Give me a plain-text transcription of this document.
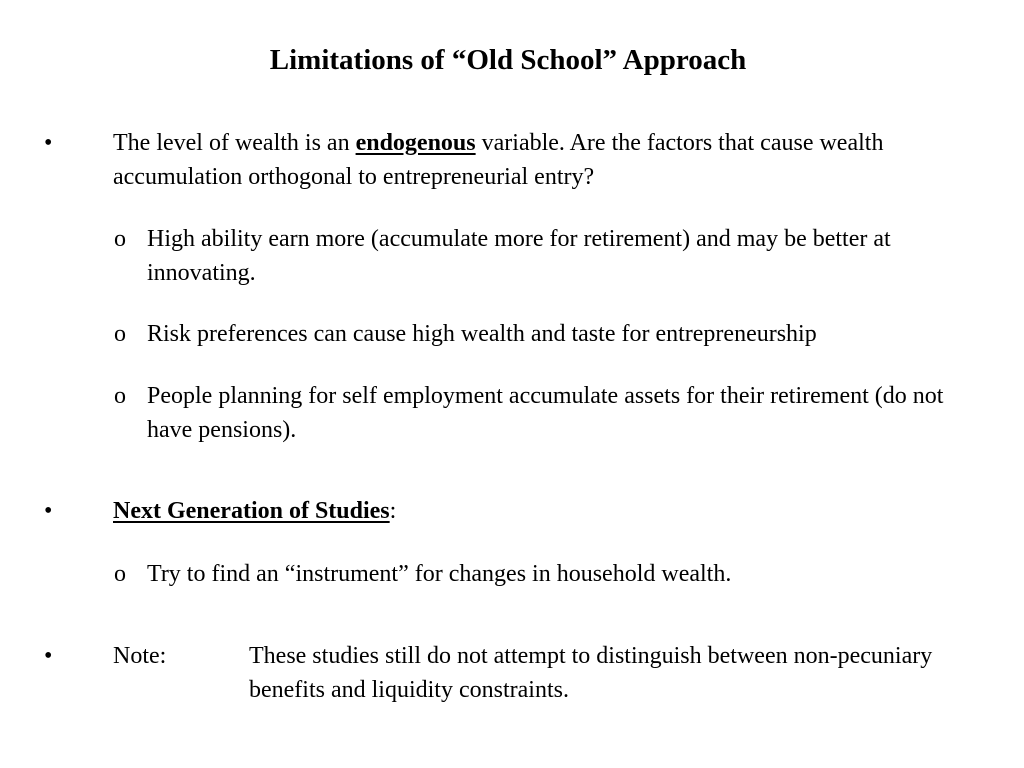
Limitations of “Old School” Approach
•	The level of wealth is an endogenous variable. Are the factors that cause wealth accumulation orthogonal to entrepreneurial entry?
o High ability earn more (accumulate more for retirement) and may be better at innovating.
o Risk preferences can cause high wealth and taste for entrepreneurship
o People planning for self employment accumulate assets for their retirement (do not have pensions).
•	Next Generation of Studies:
o Try to find an “instrument” for changes in household wealth.
•	Note:	These studies still do not attempt to distinguish between non-pecuniary benefits and liquidity constraints.
